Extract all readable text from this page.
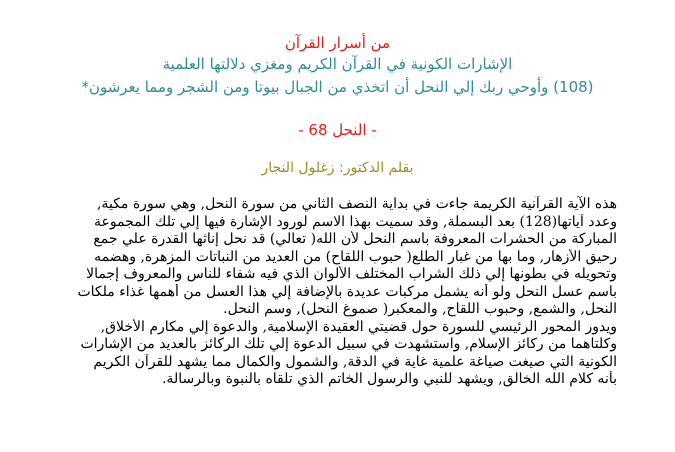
من أسرار القرآن

الإشارات الكونية في القرآن الكريم ومغزي دلالتها العلمية

(108) وأوحي ربك إلي النحل أن اتخذي من الجبال بيوتا ومن الشجر ومما يعرشون*

- النحل 68 -

بقلم الدكتور: زغلول النجار

هذه الآية القرآنية الكريمة جاءت في بداية النصف الثاني من سورة النحل, وهي سورة مكية,
وعدد آياتها(128) بعد البسملة, وقد سميت بهذا الاسم لورود الإشارة فيها إلي تلك المجموعة
المباركة من الحشرات المعروفة باسم النحل لأن الله( تعالي) قد نحل إناثها القدرة علي جمع
رحيق الأزهار, وما بها من غبار الطلع( حبوب اللقاح) من العديد من النباتات المزهرة, وهضمه
وتحويله في بطونها إلي ذلك الشراب المختلف الألوان الذي فيه شفاء للناس والمعروف إجمالا
باسم عسل النحل ولو أنه يشمل مركبات عديدة بالإضافة إلي هذا العسل من أهمها غذاء ملكات
النحل, والشمع, وحبوب اللقاح, والمعكبر( صموغ النحل), وسم النحل.
ويدور المحور الرئيسي للسورة حول قضيتي العقيدة الإسلامية, والدعوة إلي مكارم الأخلاق,
وكلتاهما من ركائز الإسلام, واستشهدت في سبيل الدعوة إلي تلك الركائز بالعديد من الإشارات
الكونية التي صيغت صياغة علمية غاية في الدقة, والشمول والكمال مما يشهد للقرآن الكريم
بأنه كلام الله الخالق, ويشهد للنبي والرسول الخاتم الذي تلقاه بالنبوة وبالرسالة.
